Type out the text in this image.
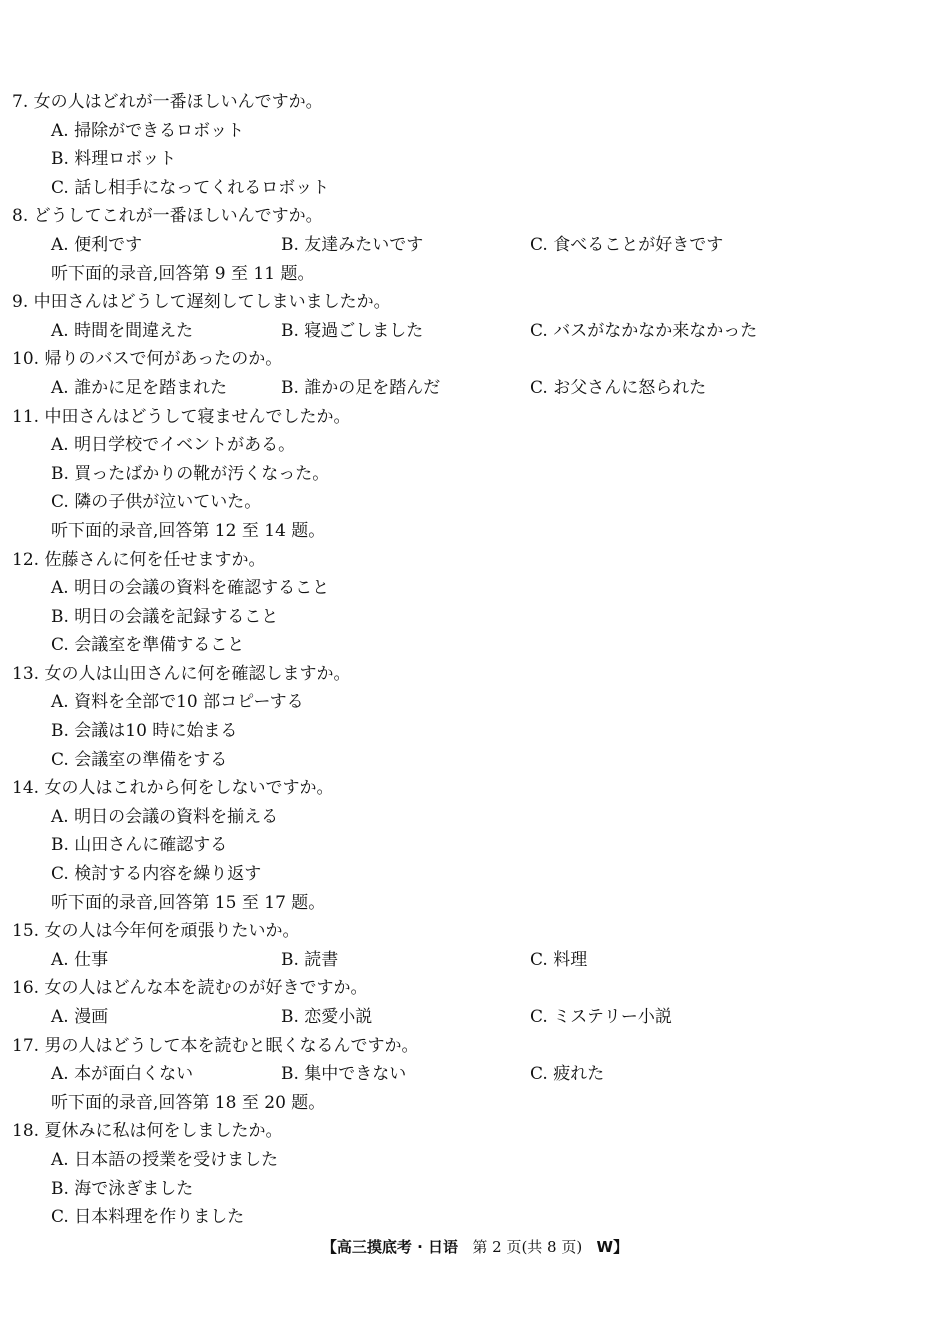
7. 女の人はどれが一番ほしいんですか。
A. 掃除ができるロボット
B. 料理ロボット
C. 話し相手になってくれるロボット
8. どうしてこれが一番ほしいんですか。
A. 便利です	B. 友達みたいです	C. 食べることが好きです
听下面的录音,回答第 9 至 11 题。
9. 中田さんはどうして遅刻してしまいましたか。
A. 時間を間違えた	B. 寝過ごしました	C. バスがなかなか来なかった
10. 帰りのバスで何があったのか。
A. 誰かに足を踏まれた	B. 誰かの足を踏んだ	C. お父さんに怒られた
11. 中田さんはどうして寝ませんでしたか。
A. 明日学校でイベントがある。
B. 買ったばかりの靴が汚くなった。
C. 隣の子供が泣いていた。
听下面的录音,回答第 12 至 14 题。
12. 佐藤さんに何を任せますか。
A. 明日の会議の資料を確認すること
B. 明日の会議を記録すること
C. 会議室を準備すること
13. 女の人は山田さんに何を確認しますか。
A. 資料を全部で10 部コピーする
B. 会議は10 時に始まる
C. 会議室の準備をする
14. 女の人はこれから何をしないですか。
A. 明日の会議の資料を揃える
B. 山田さんに確認する
C. 検討する内容を繰り返す
听下面的录音,回答第 15 至 17 题。
15. 女の人は今年何を頑張りたいか。
A. 仕事	B. 読書	C. 料理
16. 女の人はどんな本を読むのが好きですか。
A. 漫画	B. 恋愛小説	C. ミステリー小説
17. 男の人はどうして本を読むと眠くなるんですか。
A. 本が面白くない	B. 集中できない	C. 疲れた
听下面的录音,回答第 18 至 20 题。
18. 夏休みに私は何をしましたか。
A. 日本語の授業を受けました
B. 海で泳ぎました
C. 日本料理を作りました
【高三摸底考 · 日语 第 2 页(共 8 页) W】
